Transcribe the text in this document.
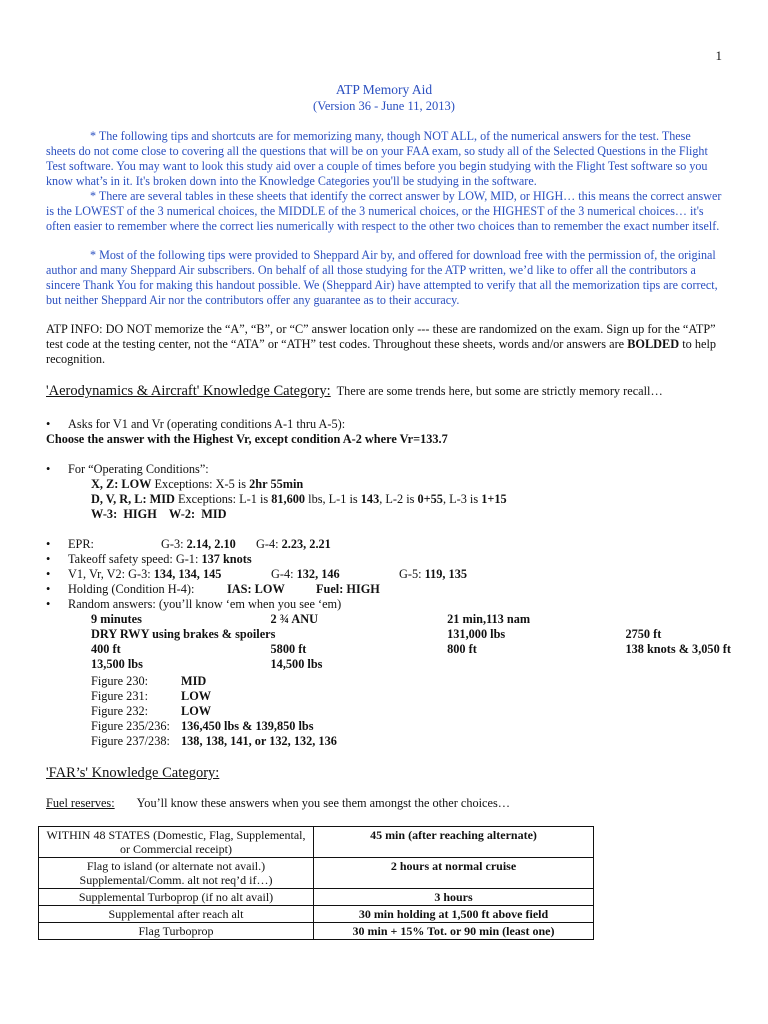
1
ATP Memory Aid
(Version 36 - June 11, 2013)
* The following tips and shortcuts are for memorizing many, though NOT ALL, of the numerical answers for the test. These sheets do not come close to covering all the questions that will be on your FAA exam, so study all of the Selected Questions in the Flight Test software. You may want to look this study aid over a couple of times before you begin studying with the Flight Test software so you know what’s in it. It's broken down into the Knowledge Categories you'll be studying in the software.
* There are several tables in these sheets that identify the correct answer by LOW, MID, or HIGH… this means the correct answer is the LOWEST of the 3 numerical choices, the MIDDLE of the 3 numerical choices, or the HIGHEST of the 3 numerical choices… it's often easier to remember where the correct lies numerically with respect to the other two choices than to remember the exact number itself.
* Most of the following tips were provided to Sheppard Air by, and offered for download free with the permission of, the original author and many Sheppard Air subscribers. On behalf of all those studying for the ATP written, we’d like to offer all the contributors a sincere Thank You for making this handout possible. We (Sheppard Air) have attempted to verify that all the memorization tips are correct, but neither Sheppard Air nor the contributors offer any guarantee as to their accuracy.
ATP INFO: DO NOT memorize the “A”, “B”, or “C” answer location only --- these are randomized on the exam. Sign up for the “ATP” test code at the testing center, not the “ATA” or “ATH” test codes. Throughout these sheets, words and/or answers are BOLDED to help recognition.
'Aerodynamics & Aircraft' Knowledge Category: There are some trends here, but some are strictly memory recall…
• Asks for V1 and Vr (operating conditions A-1 thru A-5):
Choose the answer with the Highest Vr, except condition A-2 where Vr=133.7
• For “Operating Conditions”:
X, Z: LOW Exceptions: X-5 is 2hr 55min
D, V, R, L: MID Exceptions: L-1 is 81,600 lbs, L-1 is 143, L-2 is 0+55, L-3 is 1+15
W-3:  HIGH    W-2:  MID
• EPR:	G-3: 2.14, 2.10 G-4: 2.23, 2.21
• Takeoff safety speed: G-1: 137 knots
• V1, Vr, V2: G-3: 134, 134, 145	G-4: 132, 146	G-5: 119, 135
• Holding (Condition H-4):	IAS: LOW	Fuel: HIGH
• Random answers: (you’ll know ‘em when you see ‘em)
9 minutes	2 ¾ ANU	21 min,113 nam	
DRY RWY using brakes & spoilers		131,000 lbs	2750 ft
400 ft	5800 ft	800 ft	138 knots & 3,050 ft
13,500 lbs	14,500 lbs		
Figure 230:	MID
Figure 231:	LOW
Figure 232:	LOW
Figure 235/236:	136,450 lbs & 139,850 lbs
Figure 237/238:	138, 138, 141, or 132, 132, 136
'FAR’s' Knowledge Category:
Fuel reserves: You’ll know these answers when you see them amongst the other choices…
WITHIN 48 STATES (Domestic, Flag, Supplemental, or Commercial receipt)	45 min (after reaching alternate)
Flag to island (or alternate not avail.) Supplemental/Comm. alt not req’d if…)	2 hours at normal cruise
Supplemental Turboprop (if no alt avail)	3 hours
Supplemental after reach alt	30 min holding at 1,500 ft above field
Flag Turboprop	30 min + 15% Tot. or 90 min (least one)
